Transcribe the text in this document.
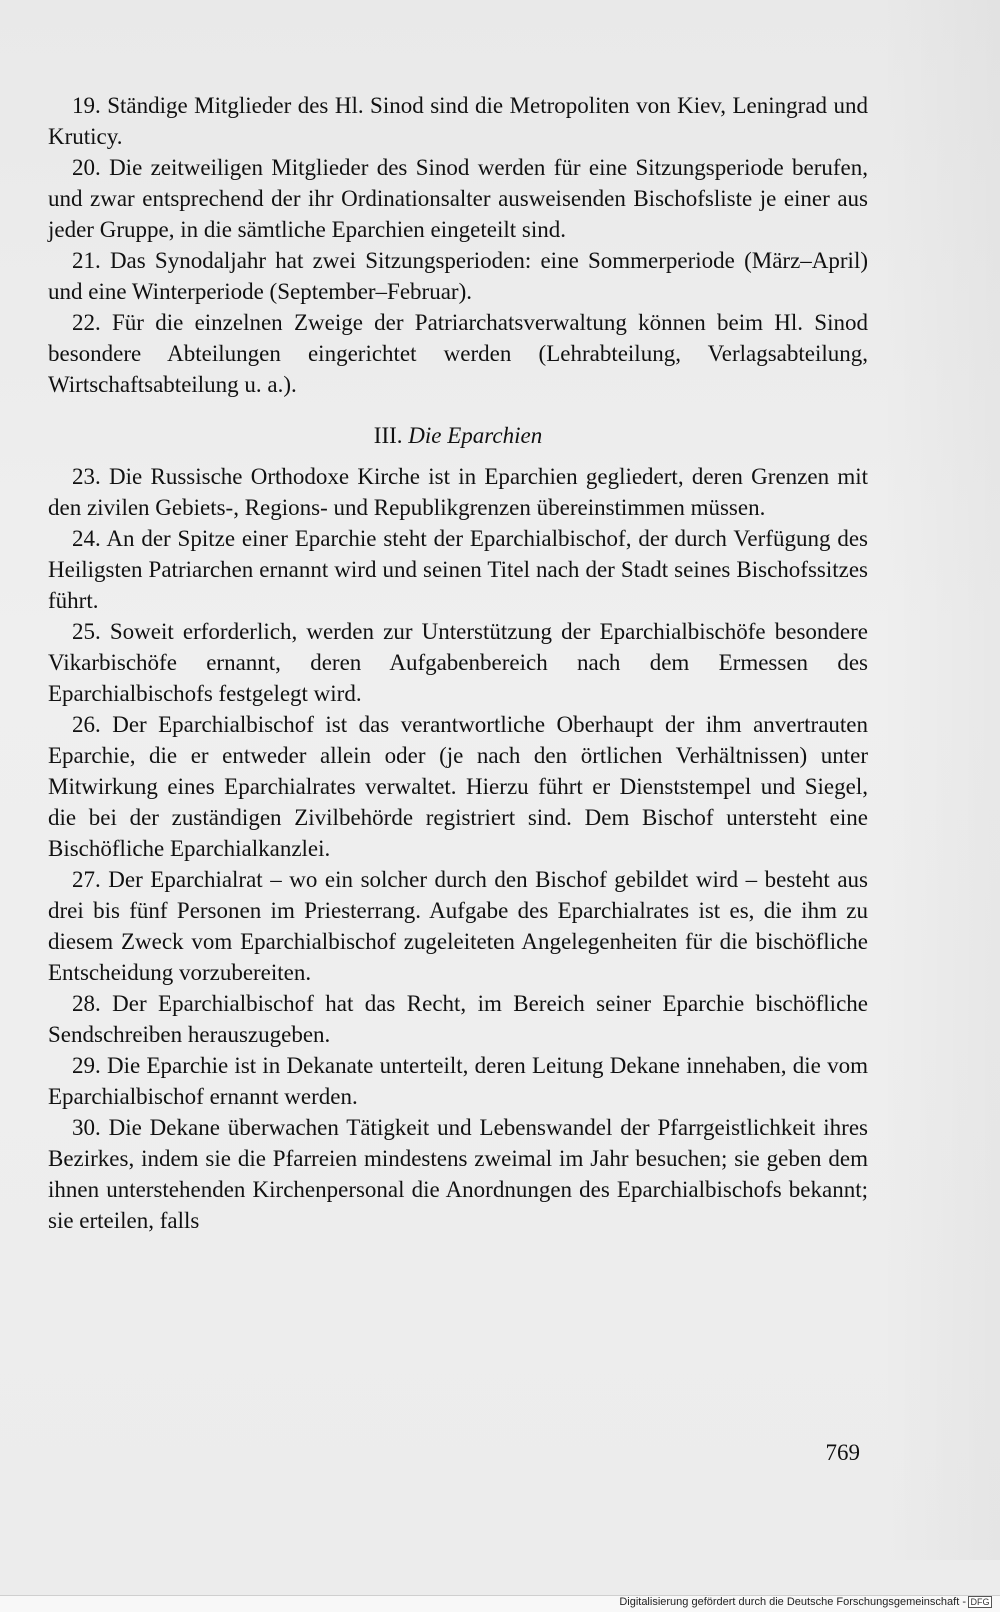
19. Ständige Mitglieder des Hl. Sinod sind die Metropoliten von Kiev, Leningrad und Kruticy.

20. Die zeitweiligen Mitglieder des Sinod werden für eine Sitzungsperiode berufen, und zwar entsprechend der ihr Ordinationsalter ausweisenden Bischofsliste je einer aus jeder Gruppe, in die sämtliche Eparchien eingeteilt sind.

21. Das Synodaljahr hat zwei Sitzungsperioden: eine Sommerperiode (März–April) und eine Winterperiode (September–Februar).

22. Für die einzelnen Zweige der Patriarchatsverwaltung können beim Hl. Sinod besondere Abteilungen eingerichtet werden (Lehrabteilung, Verlagsabteilung, Wirtschaftsabteilung u. a.).

III. Die Eparchien

23. Die Russische Orthodoxe Kirche ist in Eparchien gegliedert, deren Grenzen mit den zivilen Gebiets-, Regions- und Republikgrenzen übereinstimmen müssen.

24. An der Spitze einer Eparchie steht der Eparchialbischof, der durch Verfügung des Heiligsten Patriarchen ernannt wird und seinen Titel nach der Stadt seines Bischofssitzes führt.

25. Soweit erforderlich, werden zur Unterstützung der Eparchialbischöfe besondere Vikarbischöfe ernannt, deren Aufgabenbereich nach dem Ermessen des Eparchialbischofs festgelegt wird.

26. Der Eparchialbischof ist das verantwortliche Oberhaupt der ihm anvertrauten Eparchie, die er entweder allein oder (je nach den örtlichen Verhältnissen) unter Mitwirkung eines Eparchialrates verwaltet. Hierzu führt er Dienststempel und Siegel, die bei der zuständigen Zivilbehörde registriert sind. Dem Bischof untersteht eine Bischöfliche Eparchialkanzlei.

27. Der Eparchialrat – wo ein solcher durch den Bischof gebildet wird – besteht aus drei bis fünf Personen im Priesterrang. Aufgabe des Eparchialrates ist es, die ihm zu diesem Zweck vom Eparchialbischof zugeleiteten Angelegenheiten für die bischöfliche Entscheidung vorzubereiten.

28. Der Eparchialbischof hat das Recht, im Bereich seiner Eparchie bischöfliche Sendschreiben herauszugeben.

29. Die Eparchie ist in Dekanate unterteilt, deren Leitung Dekane innehaben, die vom Eparchialbischof ernannt werden.

30. Die Dekane überwachen Tätigkeit und Lebenswandel der Pfarrgeistlichkeit ihres Bezirkes, indem sie die Pfarreien mindestens zweimal im Jahr besuchen; sie geben dem ihnen unterstehenden Kirchenpersonal die Anordnungen des Eparchialbischofs bekannt; sie erteilen, falls

769
Digitalisierung gefördert durch die Deutsche Forschungsgemeinschaft - DFG
